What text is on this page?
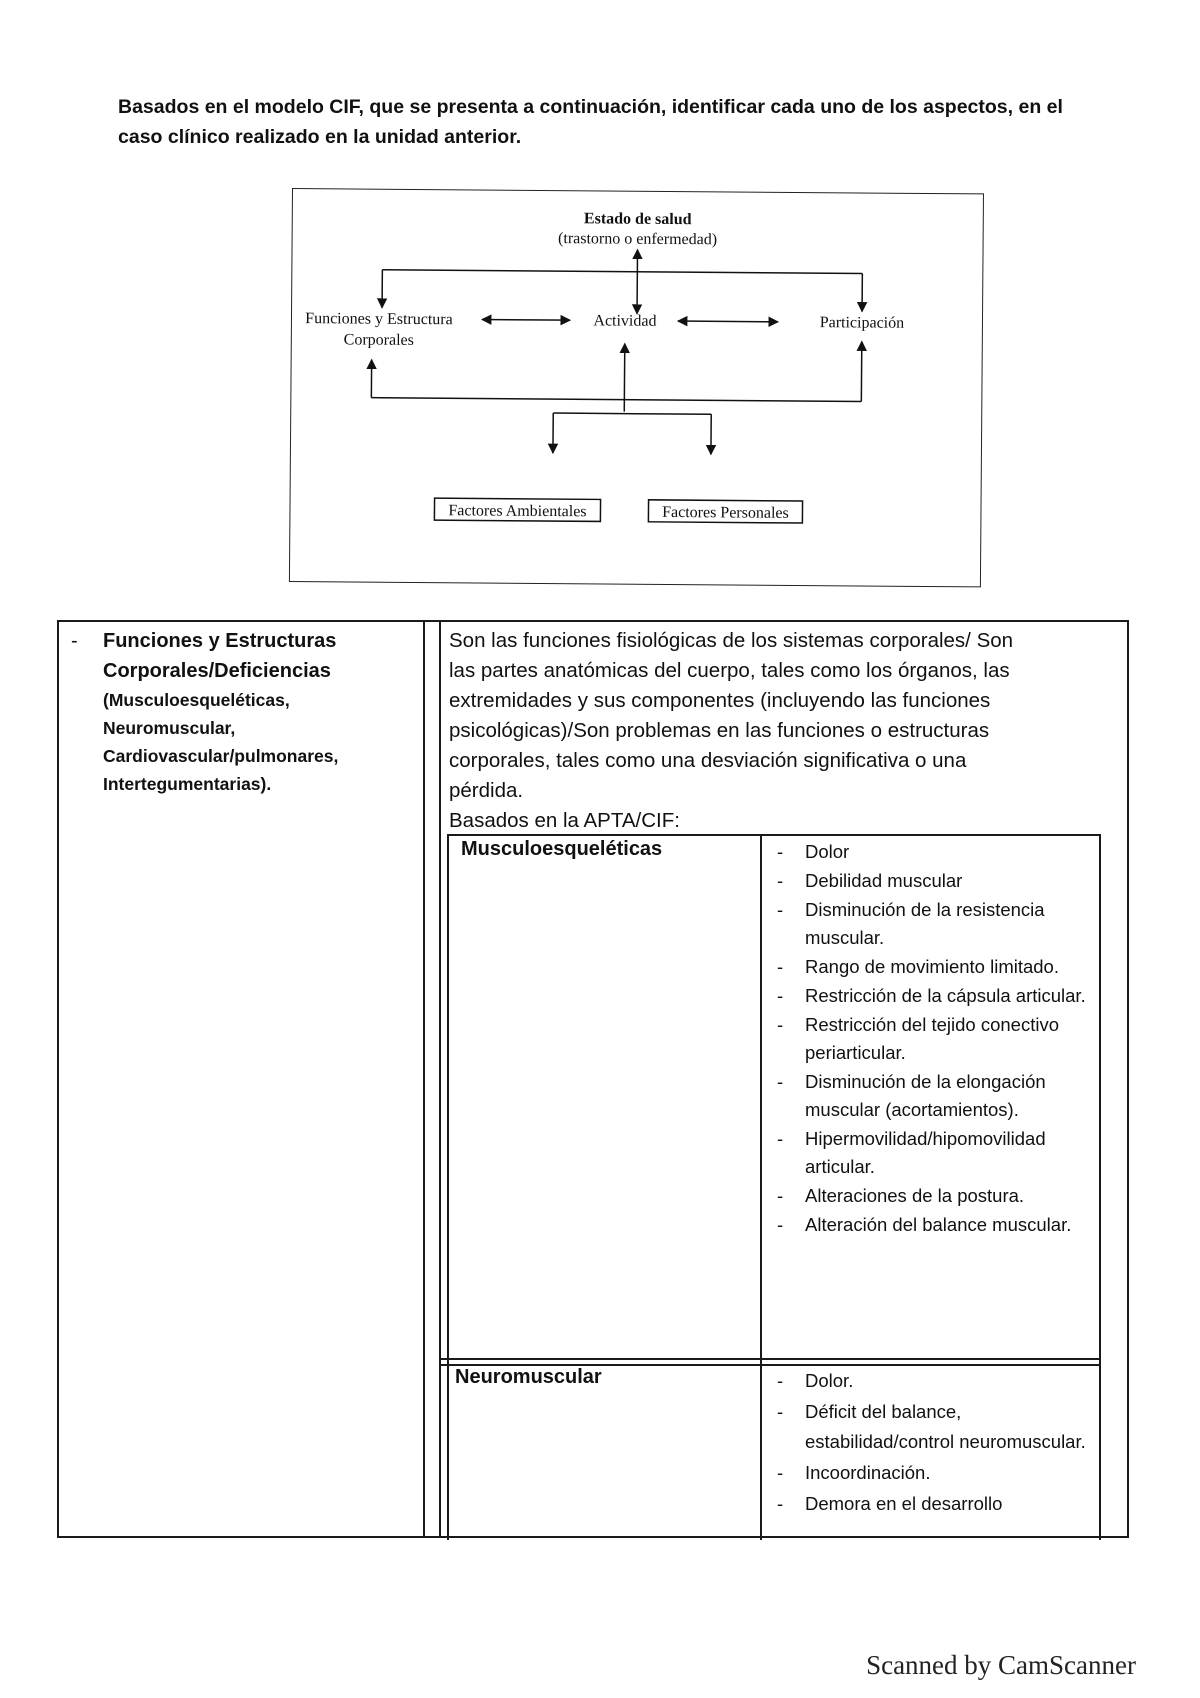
Basados en el modelo CIF, que se presenta a continuación, identificar cada uno de los aspectos, en el caso clínico realizado en la unidad anterior.

Estado de salud
(trastorno o enfermedad)
Funciones y Estructura
Corporales
Actividad	Participación
Factores Ambientales	Factores Personales
- Funciones y Estructuras

Corporales/Deficiencias

(Musculoesqueléticas,

Neuromuscular,

Cardiovascular/pulmonares,

Intertegumentarias).

Son las funciones fisiológicas de los sistemas corporales/ Son

las partes anatómicas del cuerpo, tales como los órganos, las

extremidades y sus componentes (incluyendo las funciones

psicológicas)/Son problemas en las funciones o estructuras

corporales, tales como una desviación significativa o una

pérdida.

Basados en la APTA/CIF:

Musculoesqueléticas	- Dolor
- Debilidad muscular
- Disminución de la resistencia muscular.
- Rango de movimiento limitado.
- Restricción de la cápsula articular.
- Restricción del tejido conectivo periarticular.
- Disminución de la elongación muscular (acortamientos).
- Hipermovilidad/hipomovilidad articular.
- Alteraciones de la postura.
- Alteración del balance muscular.
Neuromuscular	- Dolor.
- Déficit del balance, estabilidad/control neuromuscular.
- Incoordinación.
- Demora en el desarrollo
Scanned by CamScanner
